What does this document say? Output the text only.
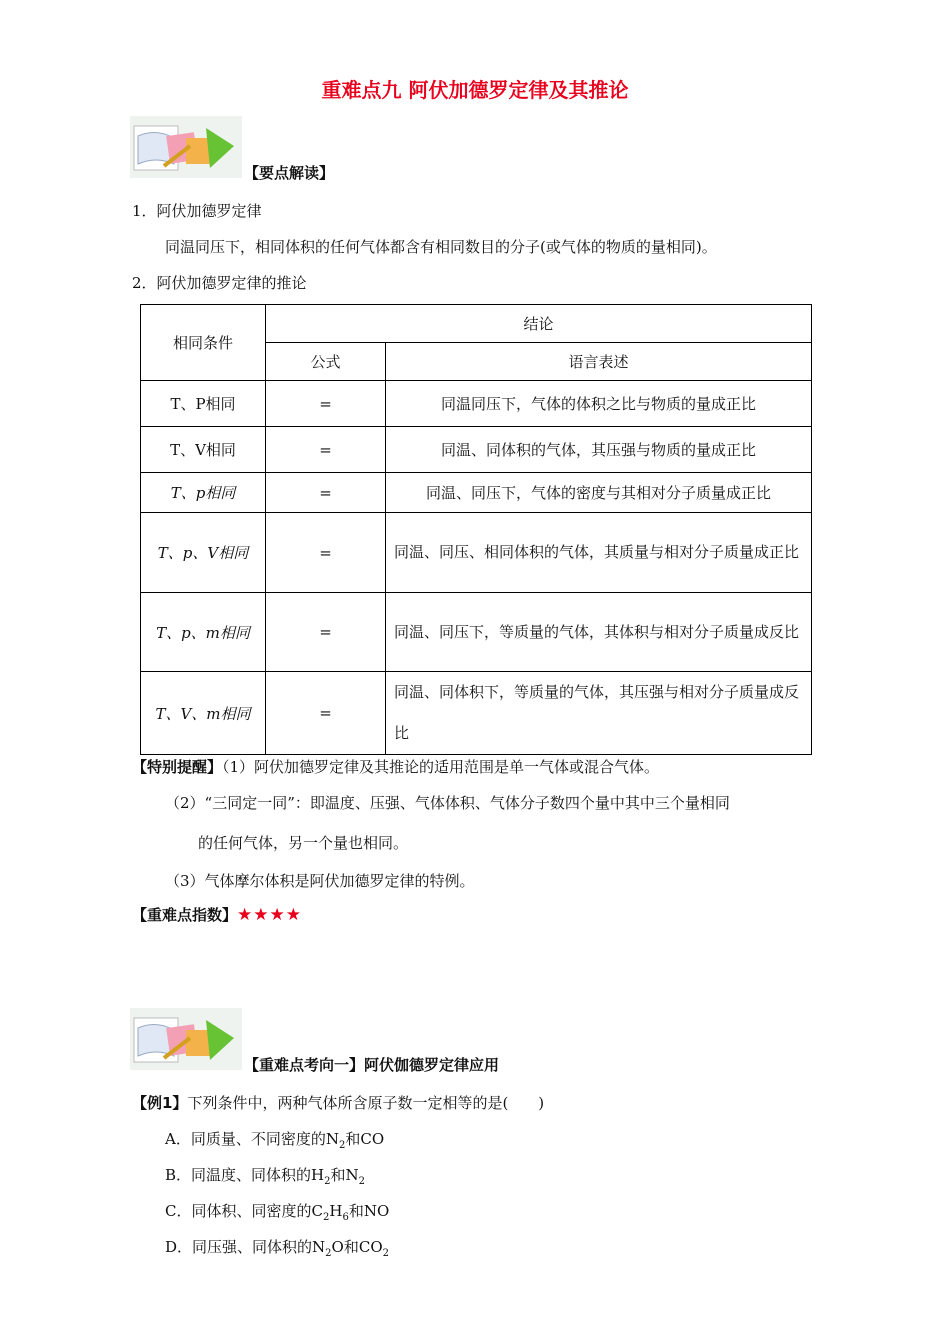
重难点九 阿伏加德罗定律及其推论
【要点解读】
1．阿伏加德罗定律
同温同压下，相同体积的任何气体都含有相同数目的分子(或气体的物质的量相同)。
2．阿伏加德罗定律的推论
相同条件	结论	
	公式	语言表述
T、P相同	=	同温同压下，气体的体积之比与物质的量成正比
T、V相同	=	同温、同体积的气体，其压强与物质的量成正比
T、p相同	=	同温、同压下，气体的密度与其相对分子质量成正比
T、p、V相同	=	同温、同压、相同体积的气体，其质量与相对分子质量成正比
T、p、m相同	=	同温、同压下，等质量的气体，其体积与相对分子质量成反比
T、V、m相同	=	同温、同体积下，等质量的气体，其压强与相对分子质量成反比
【特别提醒】（1）阿伏加德罗定律及其推论的适用范围是单一气体或混合气体。
（2）“三同定一同”：即温度、压强、气体体积、气体分子数四个量中其中三个量相同
的任何气体，另一个量也相同。
（3）气体摩尔体积是阿伏加德罗定律的特例。
【重难点指数】★★★★
【重难点考向一】阿伏伽德罗定律应用
【例1】下列条件中，两种气体所含原子数一定相等的是(　　)
A．同质量、不同密度的$N_2$和CO
B．同温度、同体积的$H_2$和$N_2$
C．同体积、同密度的$C_2H_6$和NO
D．同压强、同体积的$N_2O$和$CO_2$
